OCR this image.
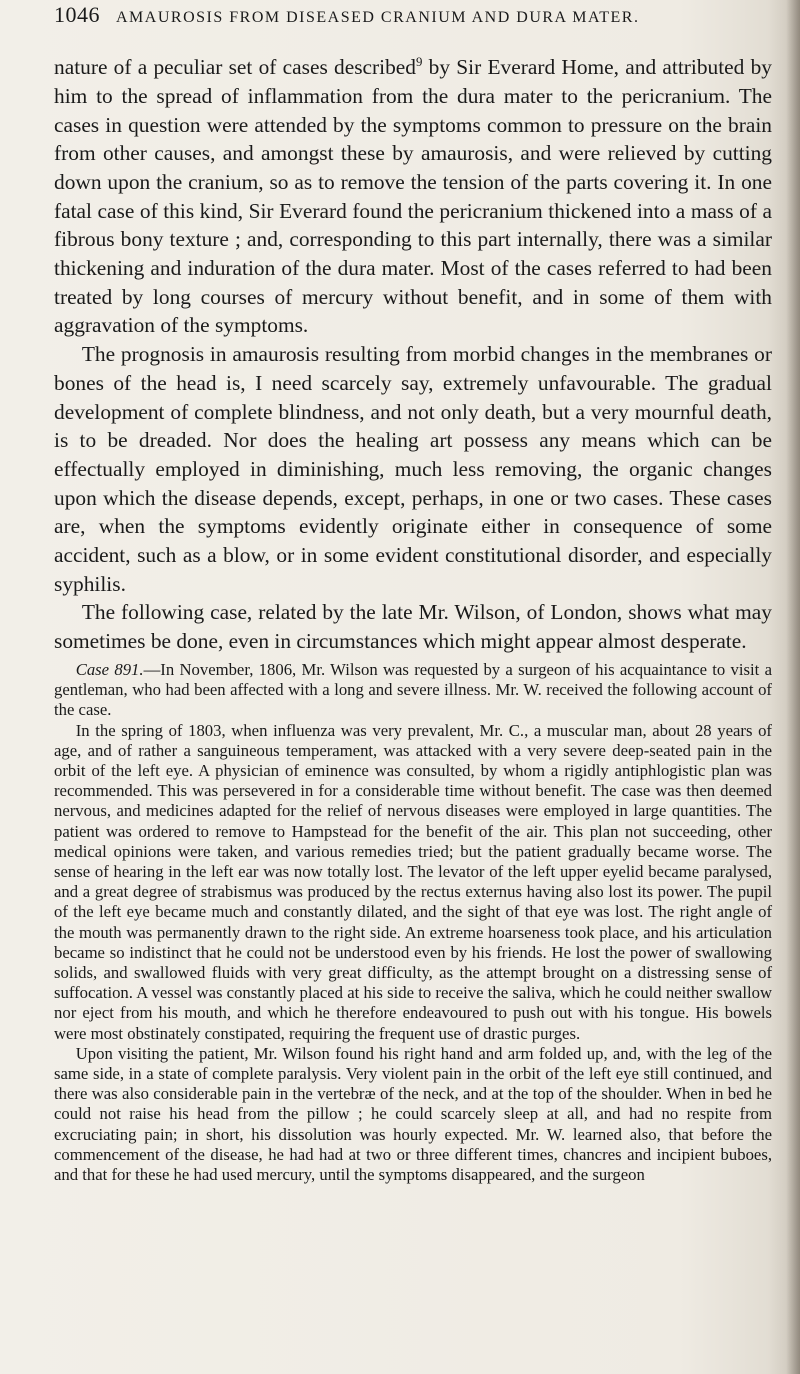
1046 AMAUROSIS FROM DISEASED CRANIUM AND DURA MATER.

nature of a peculiar set of cases described$^9$ by Sir Everard Home, and attributed by him to the spread of inflammation from the dura mater to the pericranium. The cases in question were attended by the symptoms common to pressure on the brain from other causes, and amongst these by amaurosis, and were relieved by cutting down upon the cranium, so as to remove the tension of the parts covering it. In one fatal case of this kind, Sir Everard found the pericranium thickened into a mass of a fibrous bony texture ; and, corresponding to this part internally, there was a similar thickening and induration of the dura mater. Most of the cases referred to had been treated by long courses of mercury without benefit, and in some of them with aggravation of the symptoms.

The prognosis in amaurosis resulting from morbid changes in the membranes or bones of the head is, I need scarcely say, extremely unfavourable. The gradual development of complete blindness, and not only death, but a very mournful death, is to be dreaded. Nor does the healing art possess any means which can be effectually employed in diminishing, much less removing, the organic changes upon which the disease depends, except, perhaps, in one or two cases. These cases are, when the symptoms evidently originate either in consequence of some accident, such as a blow, or in some evident constitutional disorder, and especially syphilis.

The following case, related by the late Mr. Wilson, of London, shows what may sometimes be done, even in circumstances which might appear almost desperate.

Case 891.—In November, 1806, Mr. Wilson was requested by a surgeon of his acquaintance to visit a gentleman, who had been affected with a long and severe illness. Mr. W. received the following account of the case.

In the spring of 1803, when influenza was very prevalent, Mr. C., a muscular man, about 28 years of age, and of rather a sanguineous temperament, was attacked with a very severe deep-seated pain in the orbit of the left eye. A physician of eminence was consulted, by whom a rigidly antiphlogistic plan was recommended. This was persevered in for a considerable time without benefit. The case was then deemed nervous, and medicines adapted for the relief of nervous diseases were employed in large quantities. The patient was ordered to remove to Hampstead for the benefit of the air. This plan not succeeding, other medical opinions were taken, and various remedies tried; but the patient gradually became worse. The sense of hearing in the left ear was now totally lost. The levator of the left upper eyelid became paralysed, and a great degree of strabismus was produced by the rectus externus having also lost its power. The pupil of the left eye became much and constantly dilated, and the sight of that eye was lost. The right angle of the mouth was permanently drawn to the right side. An extreme hoarseness took place, and his articulation became so indistinct that he could not be understood even by his friends. He lost the power of swallowing solids, and swallowed fluids with very great difficulty, as the attempt brought on a distressing sense of suffocation. A vessel was constantly placed at his side to receive the saliva, which he could neither swallow nor eject from his mouth, and which he therefore endeavoured to push out with his tongue. His bowels were most obstinately constipated, requiring the frequent use of drastic purges.

Upon visiting the patient, Mr. Wilson found his right hand and arm folded up, and, with the leg of the same side, in a state of complete paralysis. Very violent pain in the orbit of the left eye still continued, and there was also considerable pain in the vertebræ of the neck, and at the top of the shoulder. When in bed he could not raise his head from the pillow ; he could scarcely sleep at all, and had no respite from excruciating pain; in short, his dissolution was hourly expected. Mr. W. learned also, that before the commencement of the disease, he had had at two or three different times, chancres and incipient buboes, and that for these he had used mercury, until the symptoms disappeared, and the surgeon
